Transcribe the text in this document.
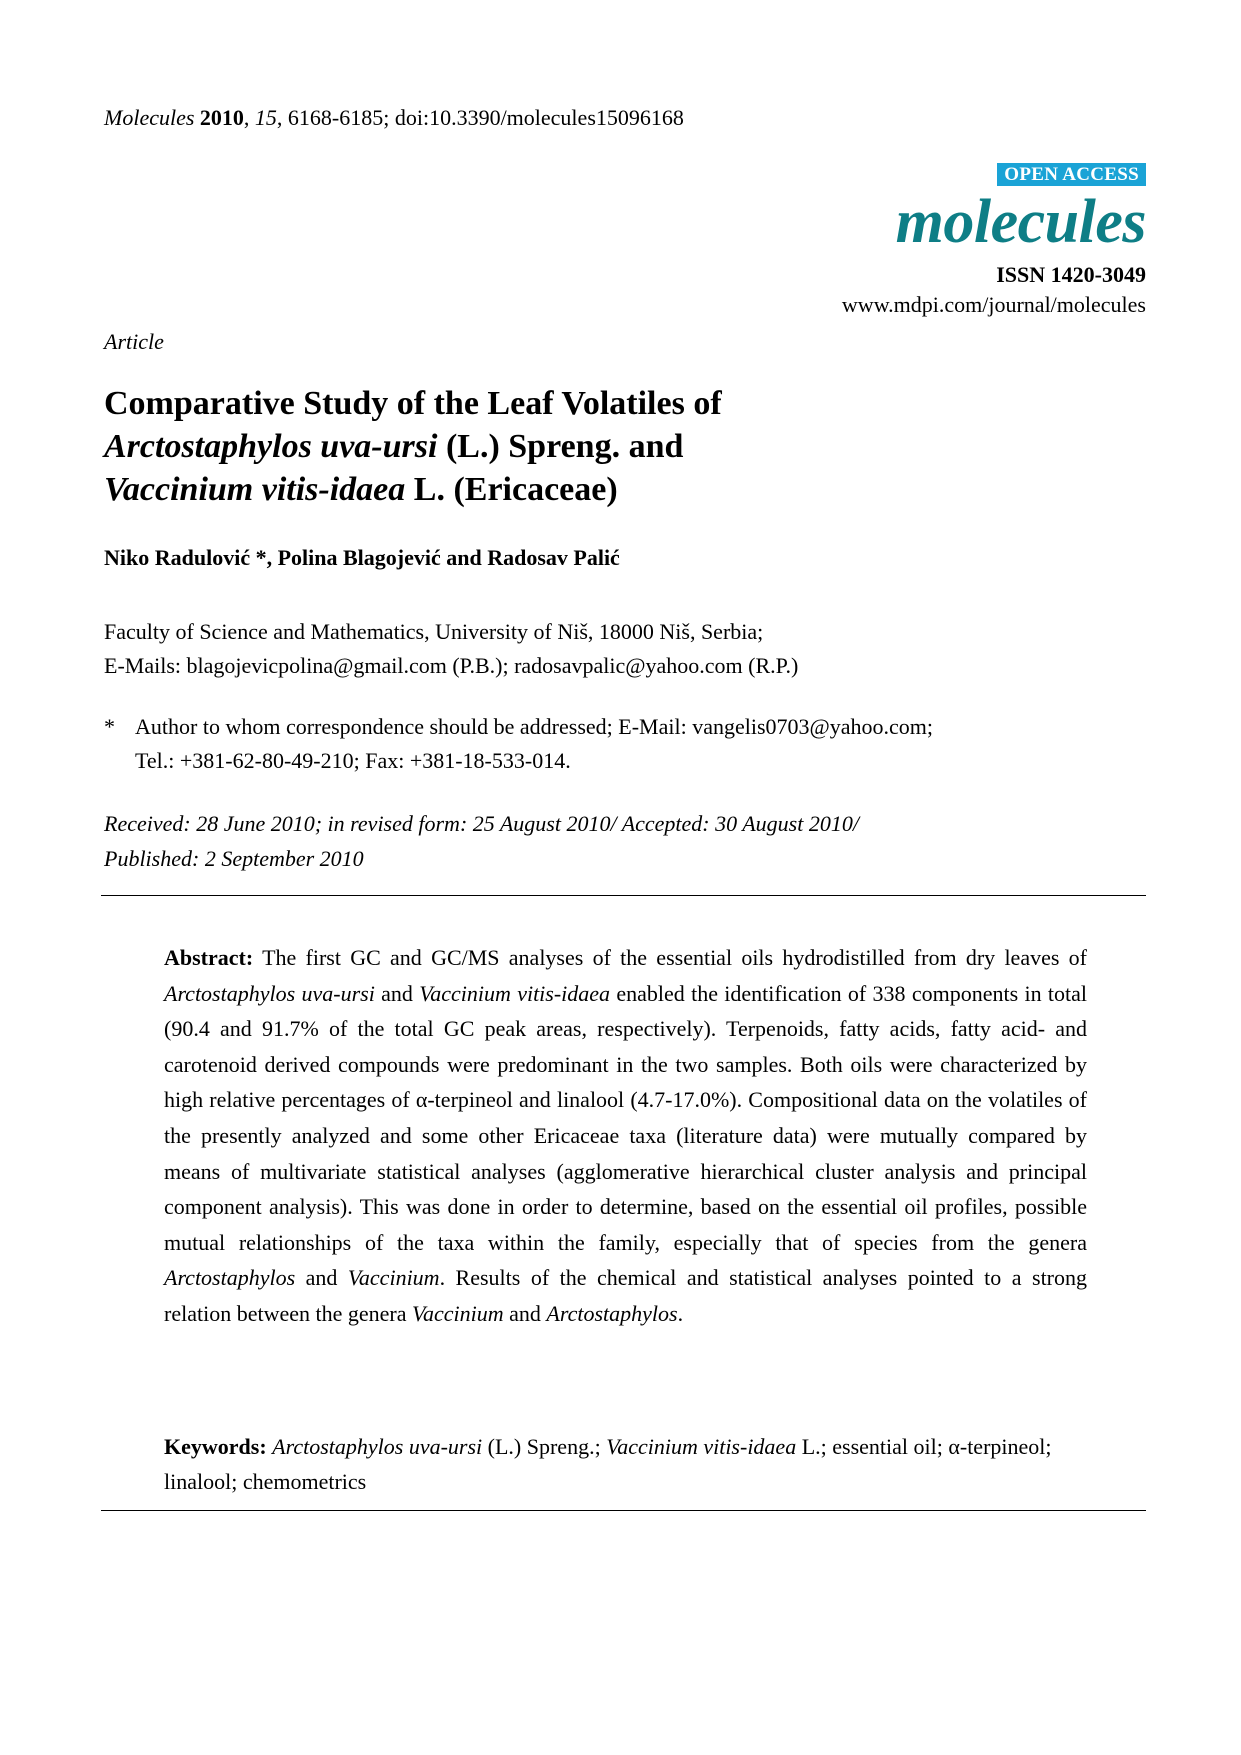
Molecules 2010, 15, 6168-6185; doi:10.3390/molecules15096168
OPEN ACCESS
molecules
ISSN 1420-3049
www.mdpi.com/journal/molecules
Article
Comparative Study of the Leaf Volatiles of
Arctostaphylos uva-ursi (L.) Spreng. and
Vaccinium vitis-idaea L. (Ericaceae)
Niko Radulović *, Polina Blagojević and Radosav Palić
Faculty of Science and Mathematics, University of Niš, 18000 Niš, Serbia;
E-Mails: blagojevicpolina@gmail.com (P.B.); radosavpalic@yahoo.com (R.P.)
* Author to whom correspondence should be addressed; E-Mail: vangelis0703@yahoo.com;
Tel.: +381-62-80-49-210; Fax: +381-18-533-014.
Received: 28 June 2010; in revised form: 25 August 2010/ Accepted: 30 August 2010/
Published: 2 September 2010
Abstract: The first GC and GC/MS analyses of the essential oils hydrodistilled from dry leaves of Arctostaphylos uva-ursi and Vaccinium vitis-idaea enabled the identification of 338 components in total (90.4 and 91.7% of the total GC peak areas, respectively). Terpenoids, fatty acids, fatty acid- and carotenoid derived compounds were predominant in the two samples. Both oils were characterized by high relative percentages of α-terpineol and linalool (4.7-17.0%). Compositional data on the volatiles of the presently analyzed and some other Ericaceae taxa (literature data) were mutually compared by means of multivariate statistical analyses (agglomerative hierarchical cluster analysis and principal component analysis). This was done in order to determine, based on the essential oil profiles, possible mutual relationships of the taxa within the family, especially that of species from the genera Arctostaphylos and Vaccinium. Results of the chemical and statistical analyses pointed to a strong relation between the genera Vaccinium and Arctostaphylos.
Keywords: Arctostaphylos uva-ursi (L.) Spreng.; Vaccinium vitis-idaea L.; essential oil; α-terpineol; linalool; chemometrics
